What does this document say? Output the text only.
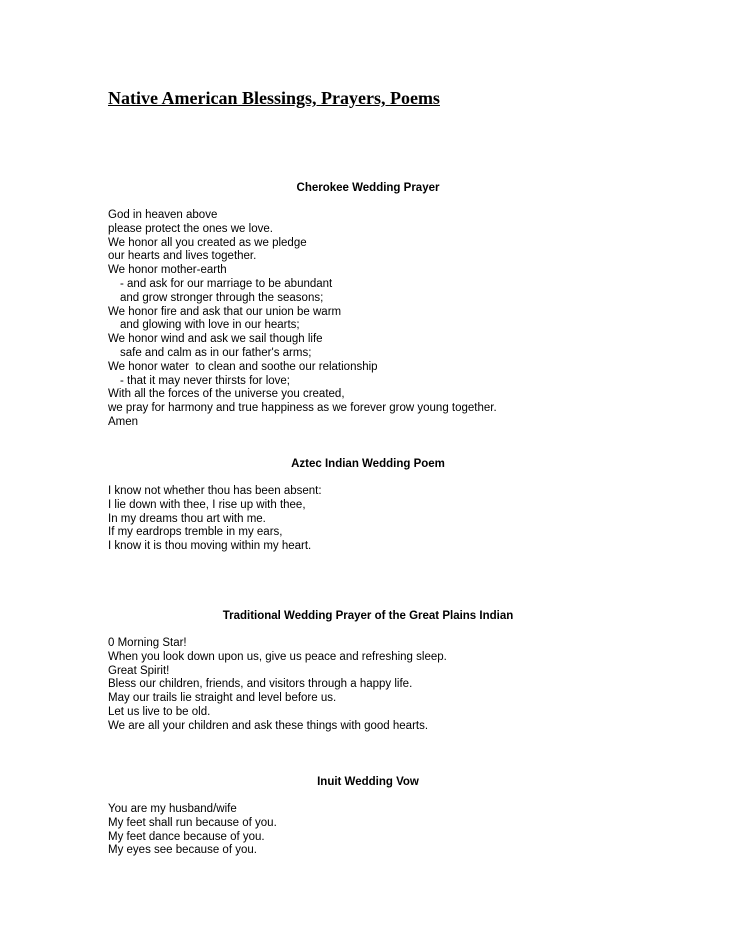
Native American Blessings, Prayers, Poems
Cherokee Wedding Prayer
God in heaven above
please protect the ones we love.
We honor all you created as we pledge
our hearts and lives together.
We honor mother-earth
- and ask for our marriage to be abundant
and grow stronger through the seasons;
We honor fire and ask that our union be warm
and glowing with love in our hearts;
We honor wind and ask we sail though life
safe and calm as in our father's arms;
We honor water  to clean and soothe our relationship
- that it may never thirsts for love;
With all the forces of the universe you created,
we pray for harmony and true happiness as we forever grow young together.
Amen
Aztec Indian Wedding Poem
I know not whether thou has been absent:
I lie down with thee, I rise up with thee,
In my dreams thou art with me.
If my eardrops tremble in my ears,
I know it is thou moving within my heart.
Traditional Wedding Prayer of the Great Plains Indian
0 Morning Star!
When you look down upon us, give us peace and refreshing sleep.
Great Spirit!
Bless our children, friends, and visitors through a happy life.
May our trails lie straight and level before us.
Let us live to be old.
We are all your children and ask these things with good hearts.
Inuit Wedding Vow
You are my husband/wife
My feet shall run because of you.
My feet dance because of you.
My eyes see because of you.
